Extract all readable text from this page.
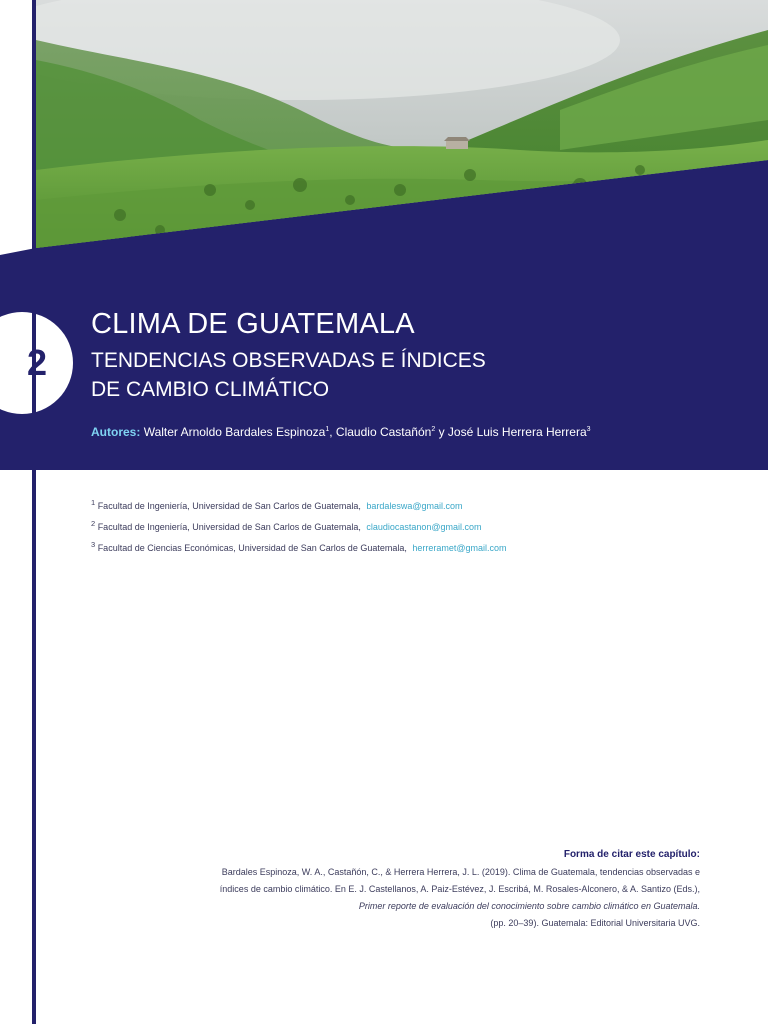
2
CLIMA DE GUATEMALA
TENDENCIAS OBSERVADAS E ÍNDICES
DE CAMBIO CLIMÁTICO
Autores: Walter Arnoldo Bardales Espinoza$^1$, Claudio Castañón$^2$ y José Luis Herrera Herrera$^3$
$^1$ Facultad de Ingeniería, Universidad de San Carlos de Guatemala, bardaleswa@gmail.com
$^2$ Facultad de Ingeniería, Universidad de San Carlos de Guatemala, claudiocastanon@gmail.com
$^3$ Facultad de Ciencias Económicas, Universidad de San Carlos de Guatemala, herreramet@gmail.com
Forma de citar este capítulo:
Bardales Espinoza, W. A., Castañón, C., & Herrera Herrera, J. L. (2019). Clima de Guatemala, tendencias observadas e
índices de cambio climático. En E. J. Castellanos, A. Paiz-Estévez, J. Escribá, M. Rosales-Alconero, & A. Santizo (Eds.),
Primer reporte de evaluación del conocimiento sobre cambio climático en Guatemala.
(pp. 20–39). Guatemala: Editorial Universitaria UVG.
